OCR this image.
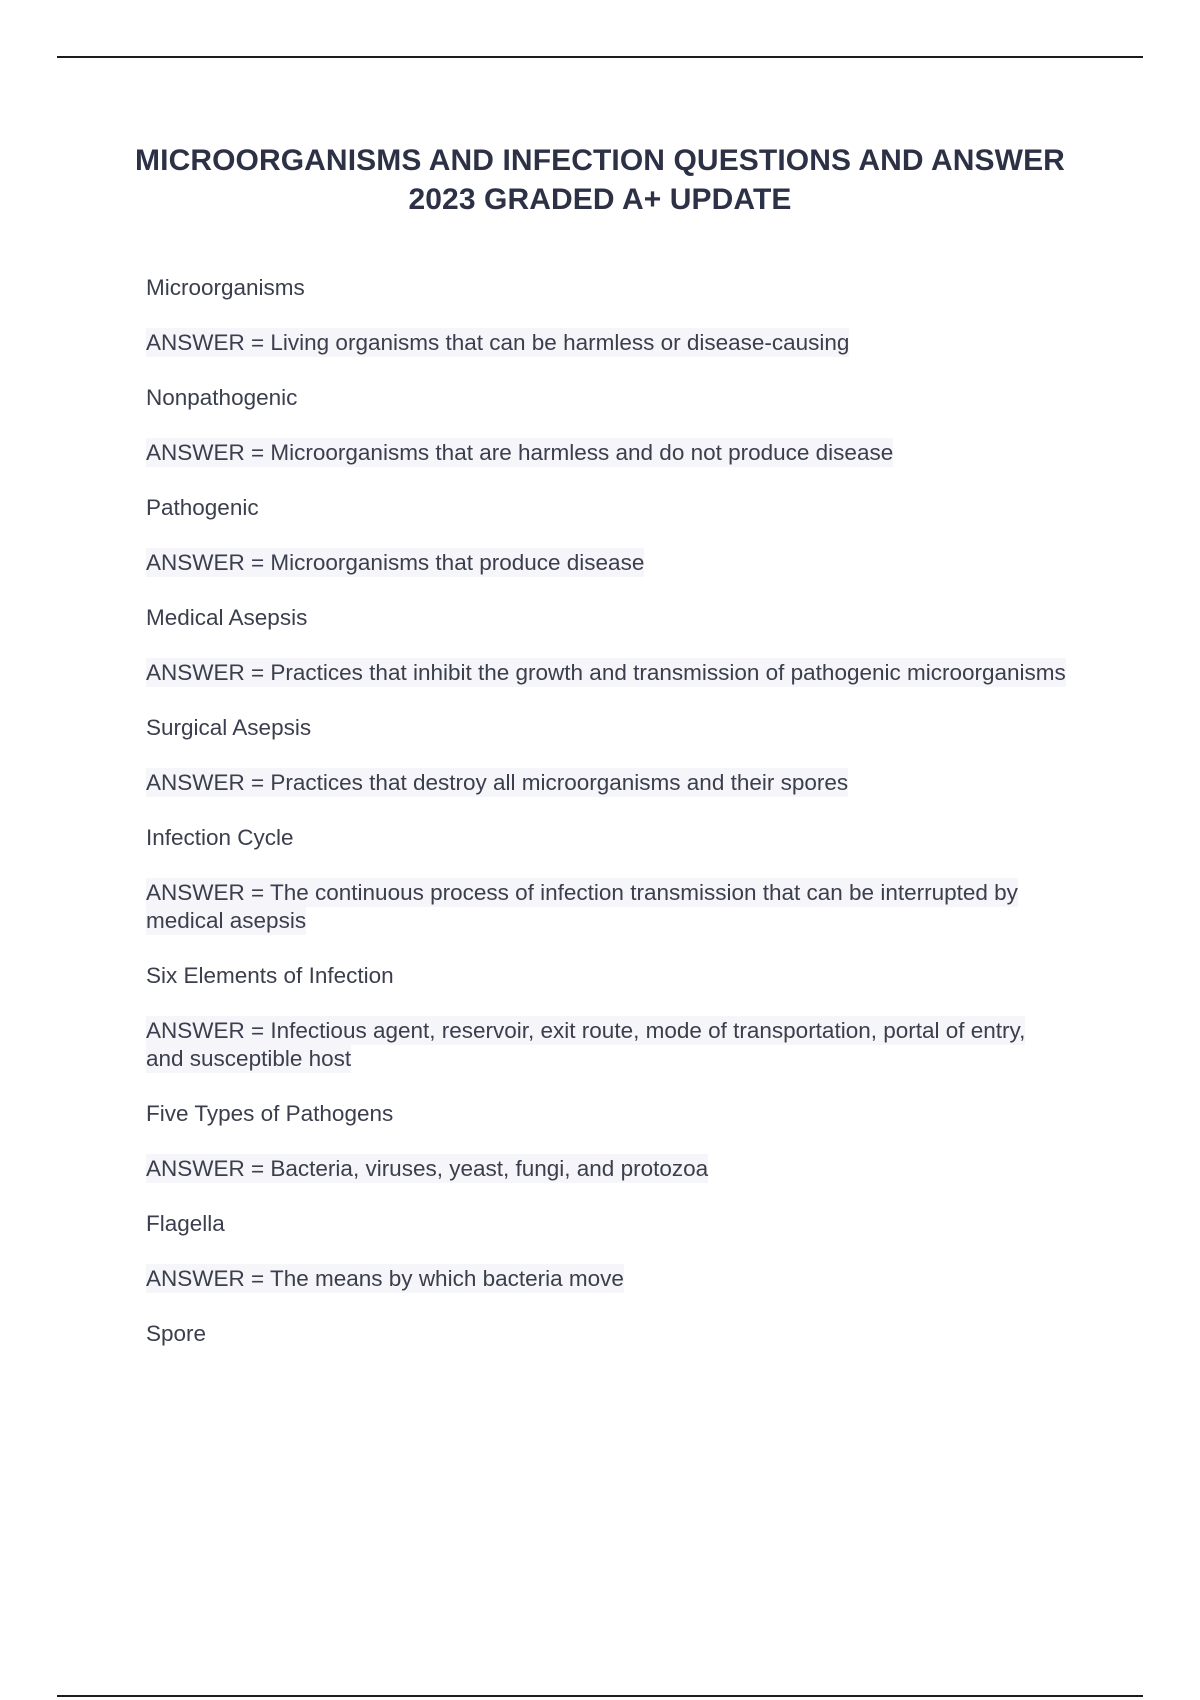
MICROORGANISMS AND INFECTION QUESTIONS AND ANSWER 2023 GRADED A+ UPDATE

Microorganisms

ANSWER = Living organisms that can be harmless or disease-causing

Nonpathogenic

ANSWER = Microorganisms that are harmless and do not produce disease

Pathogenic

ANSWER = Microorganisms that produce disease

Medical Asepsis

ANSWER = Practices that inhibit the growth and transmission of pathogenic microorganisms

Surgical Asepsis

ANSWER = Practices that destroy all microorganisms and their spores

Infection Cycle

ANSWER = The continuous process of infection transmission that can be interrupted by medical asepsis

Six Elements of Infection

ANSWER = Infectious agent, reservoir, exit route, mode of transportation, portal of entry, and susceptible host

Five Types of Pathogens

ANSWER = Bacteria, viruses, yeast, fungi, and protozoa

Flagella

ANSWER = The means by which bacteria move

Spore
